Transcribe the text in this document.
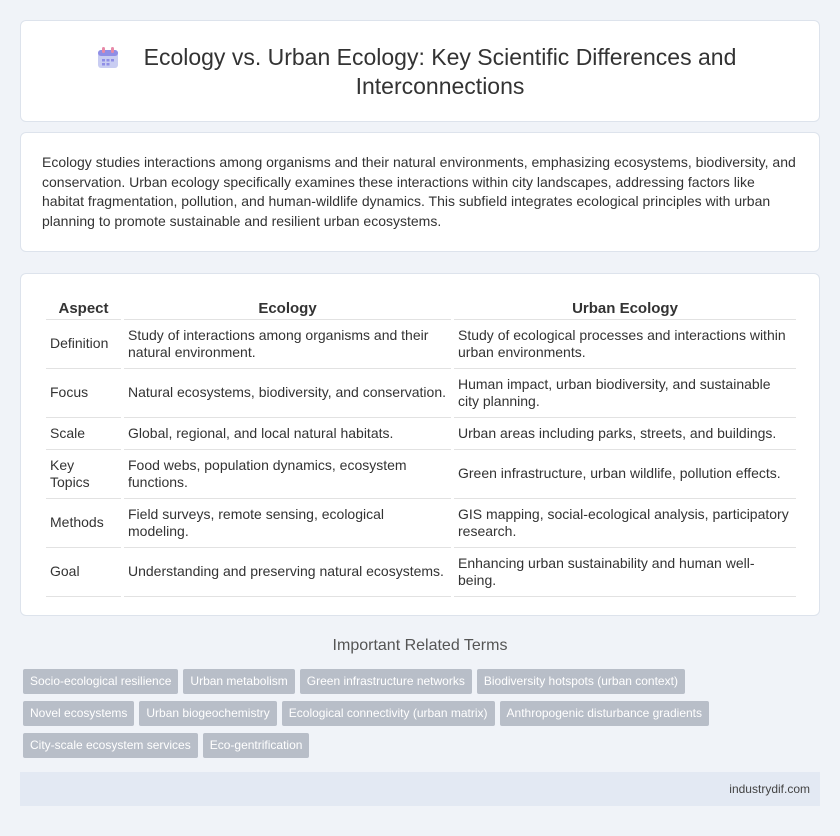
Ecology vs. Urban Ecology: Key Scientific Differences and Interconnections

Ecology studies interactions among organisms and their natural environments, emphasizing ecosystems, biodiversity, and conservation. Urban ecology specifically examines these interactions within city landscapes, addressing factors like habitat fragmentation, pollution, and human-wildlife dynamics. This subfield integrates ecological principles with urban planning to promote sustainable and resilient urban ecosystems.

Aspect	Ecology	Urban Ecology
Definition	Study of interactions among organisms and their natural environment.	Study of ecological processes and interactions within urban environments.
Focus	Natural ecosystems, biodiversity, and conservation.	Human impact, urban biodiversity, and sustainable city planning.
Scale	Global, regional, and local natural habitats.	Urban areas including parks, streets, and buildings.
Key Topics	Food webs, population dynamics, ecosystem functions.	Green infrastructure, urban wildlife, pollution effects.
Methods	Field surveys, remote sensing, ecological modeling.	GIS mapping, social-ecological analysis, participatory research.
Goal	Understanding and preserving natural ecosystems.	Enhancing urban sustainability and human well-being.
Important Related Terms
Socio-ecological resilience Urban metabolism Green infrastructure networks Biodiversity hotspots (urban context)
Novel ecosystems Urban biogeochemistry Ecological connectivity (urban matrix) Anthropogenic disturbance gradients
City-scale ecosystem services Eco-gentrification
industrydif.com
